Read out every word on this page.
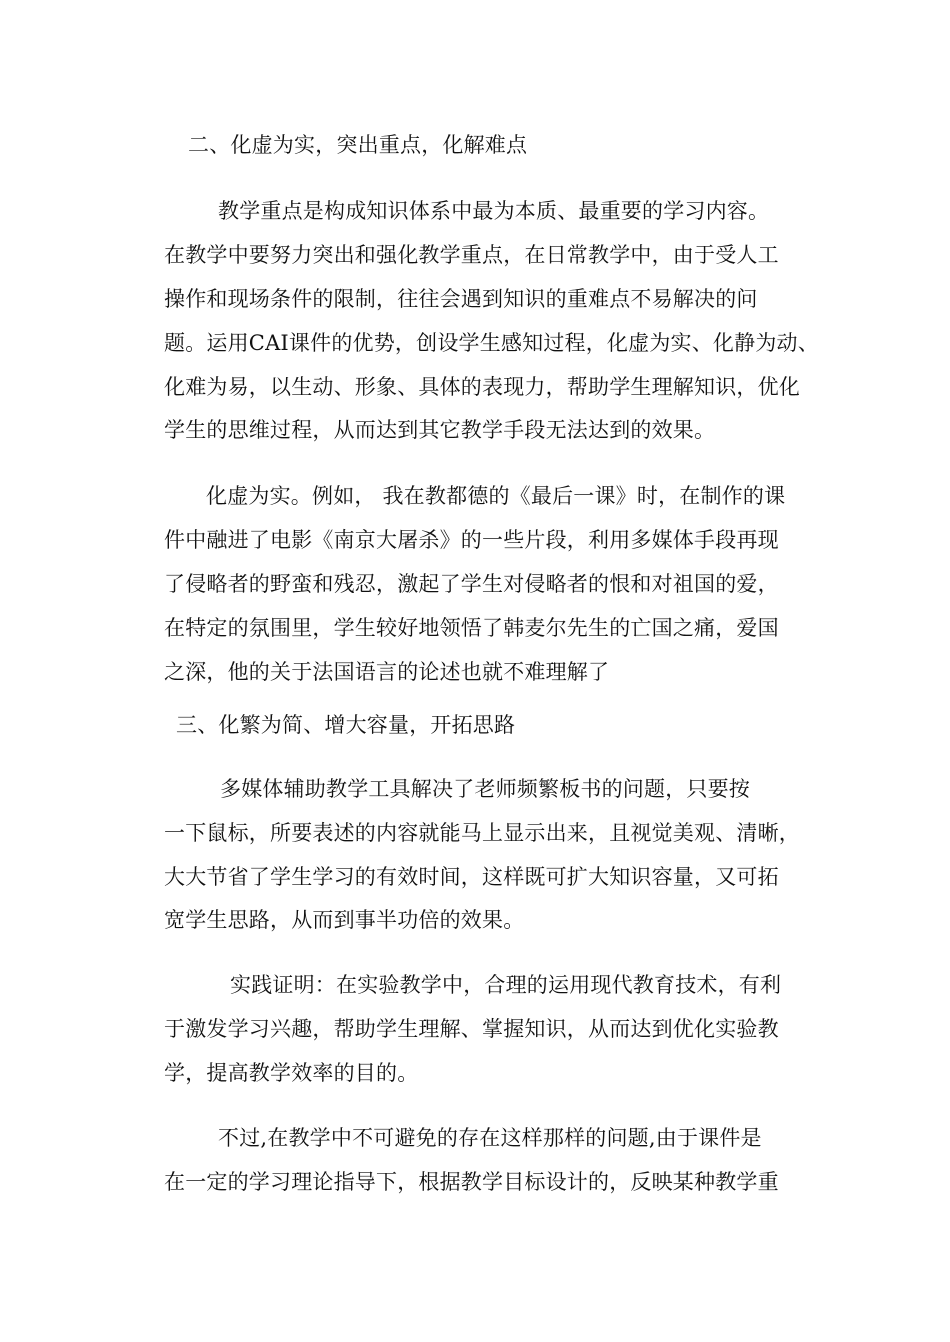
二、化虚为实，突出重点，化解难点
教学重点是构成知识体系中最为本质、最重要的学习内容。
在教学中要努力突出和强化教学重点，在日常教学中，由于受人工
操作和现场条件的限制，往往会遇到知识的重难点不易解决的问
题。运用CAI课件的优势，创设学生感知过程，化虚为实、化静为动、
化难为易，以生动、形象、具体的表现力，帮助学生理解知识，优化
学生的思维过程，从而达到其它教学手段无法达到的效果。
化虚为实。例如， 我在教都德的《最后一课》时，在制作的课
件中融进了电影《南京大屠杀》的一些片段，利用多媒体手段再现
了侵略者的野蛮和残忍，激起了学生对侵略者的恨和对祖国的爱，
在特定的氛围里，学生较好地领悟了韩麦尔先生的亡国之痛，爱国
之深，他的关于法国语言的论述也就不难理解了
三、化繁为简、增大容量，开拓思路
多媒体辅助教学工具解决了老师频繁板书的问题，只要按
一下鼠标，所要表述的内容就能马上显示出来，且视觉美观、清晰，
大大节省了学生学习的有效时间，这样既可扩大知识容量，又可拓
宽学生思路，从而到事半功倍的效果。
实践证明：在实验教学中，合理的运用现代教育技术，有利
于激发学习兴趣，帮助学生理解、掌握知识，从而达到优化实验教
学，提高教学效率的目的。
不过,在教学中不可避免的存在这样那样的问题,由于课件是
在一定的学习理论指导下，根据教学目标设计的，反映某种教学重
